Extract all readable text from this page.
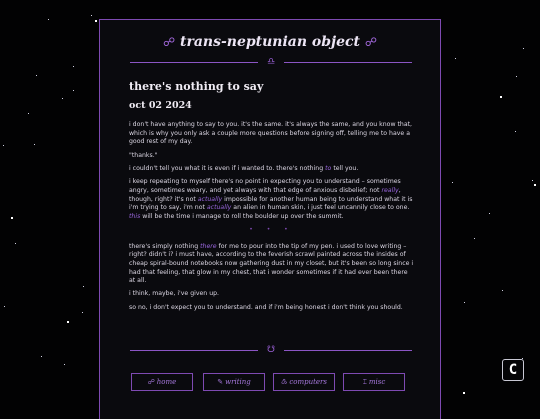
☍ trans-neptunian object ☍
♎
there's nothing to say
oct 02 2024

i don't have anything to say to you. it's the same. it's always the same, and you know that, which is why you only ask a couple more questions before signing off, telling me to have a good rest of my day.

"thanks."

i couldn't tell you what it is even if i wanted to. there's nothing to tell you.

i keep repeating to myself there's no point in expecting you to understand – sometimes angry, sometimes weary, and yet always with that edge of anxious disbelief; not really, though, right? it's not actually impossible for another human being to understand what it is i'm trying to say, i'm not actually an alien in human skin, i just feel uncannily close to one. this will be the time i manage to roll the boulder up over the summit.

• • •

there's simply nothing there for me to pour into the tip of my pen. i used to love writing – right? didn't i? i must have, according to the feverish scrawl painted across the insides of cheap spiral-bound notebooks now gathering dust in my closet, but it's been so long since i had that feeling, that glow in my chest, that i wonder sometimes if it had ever been there at all.

i think, maybe, i've given up.

so no, i don't expect you to understand. and if i'm being honest i don't think you should.

☋
☍ home	✎ writing	♳ computers	⌶ misc
C
